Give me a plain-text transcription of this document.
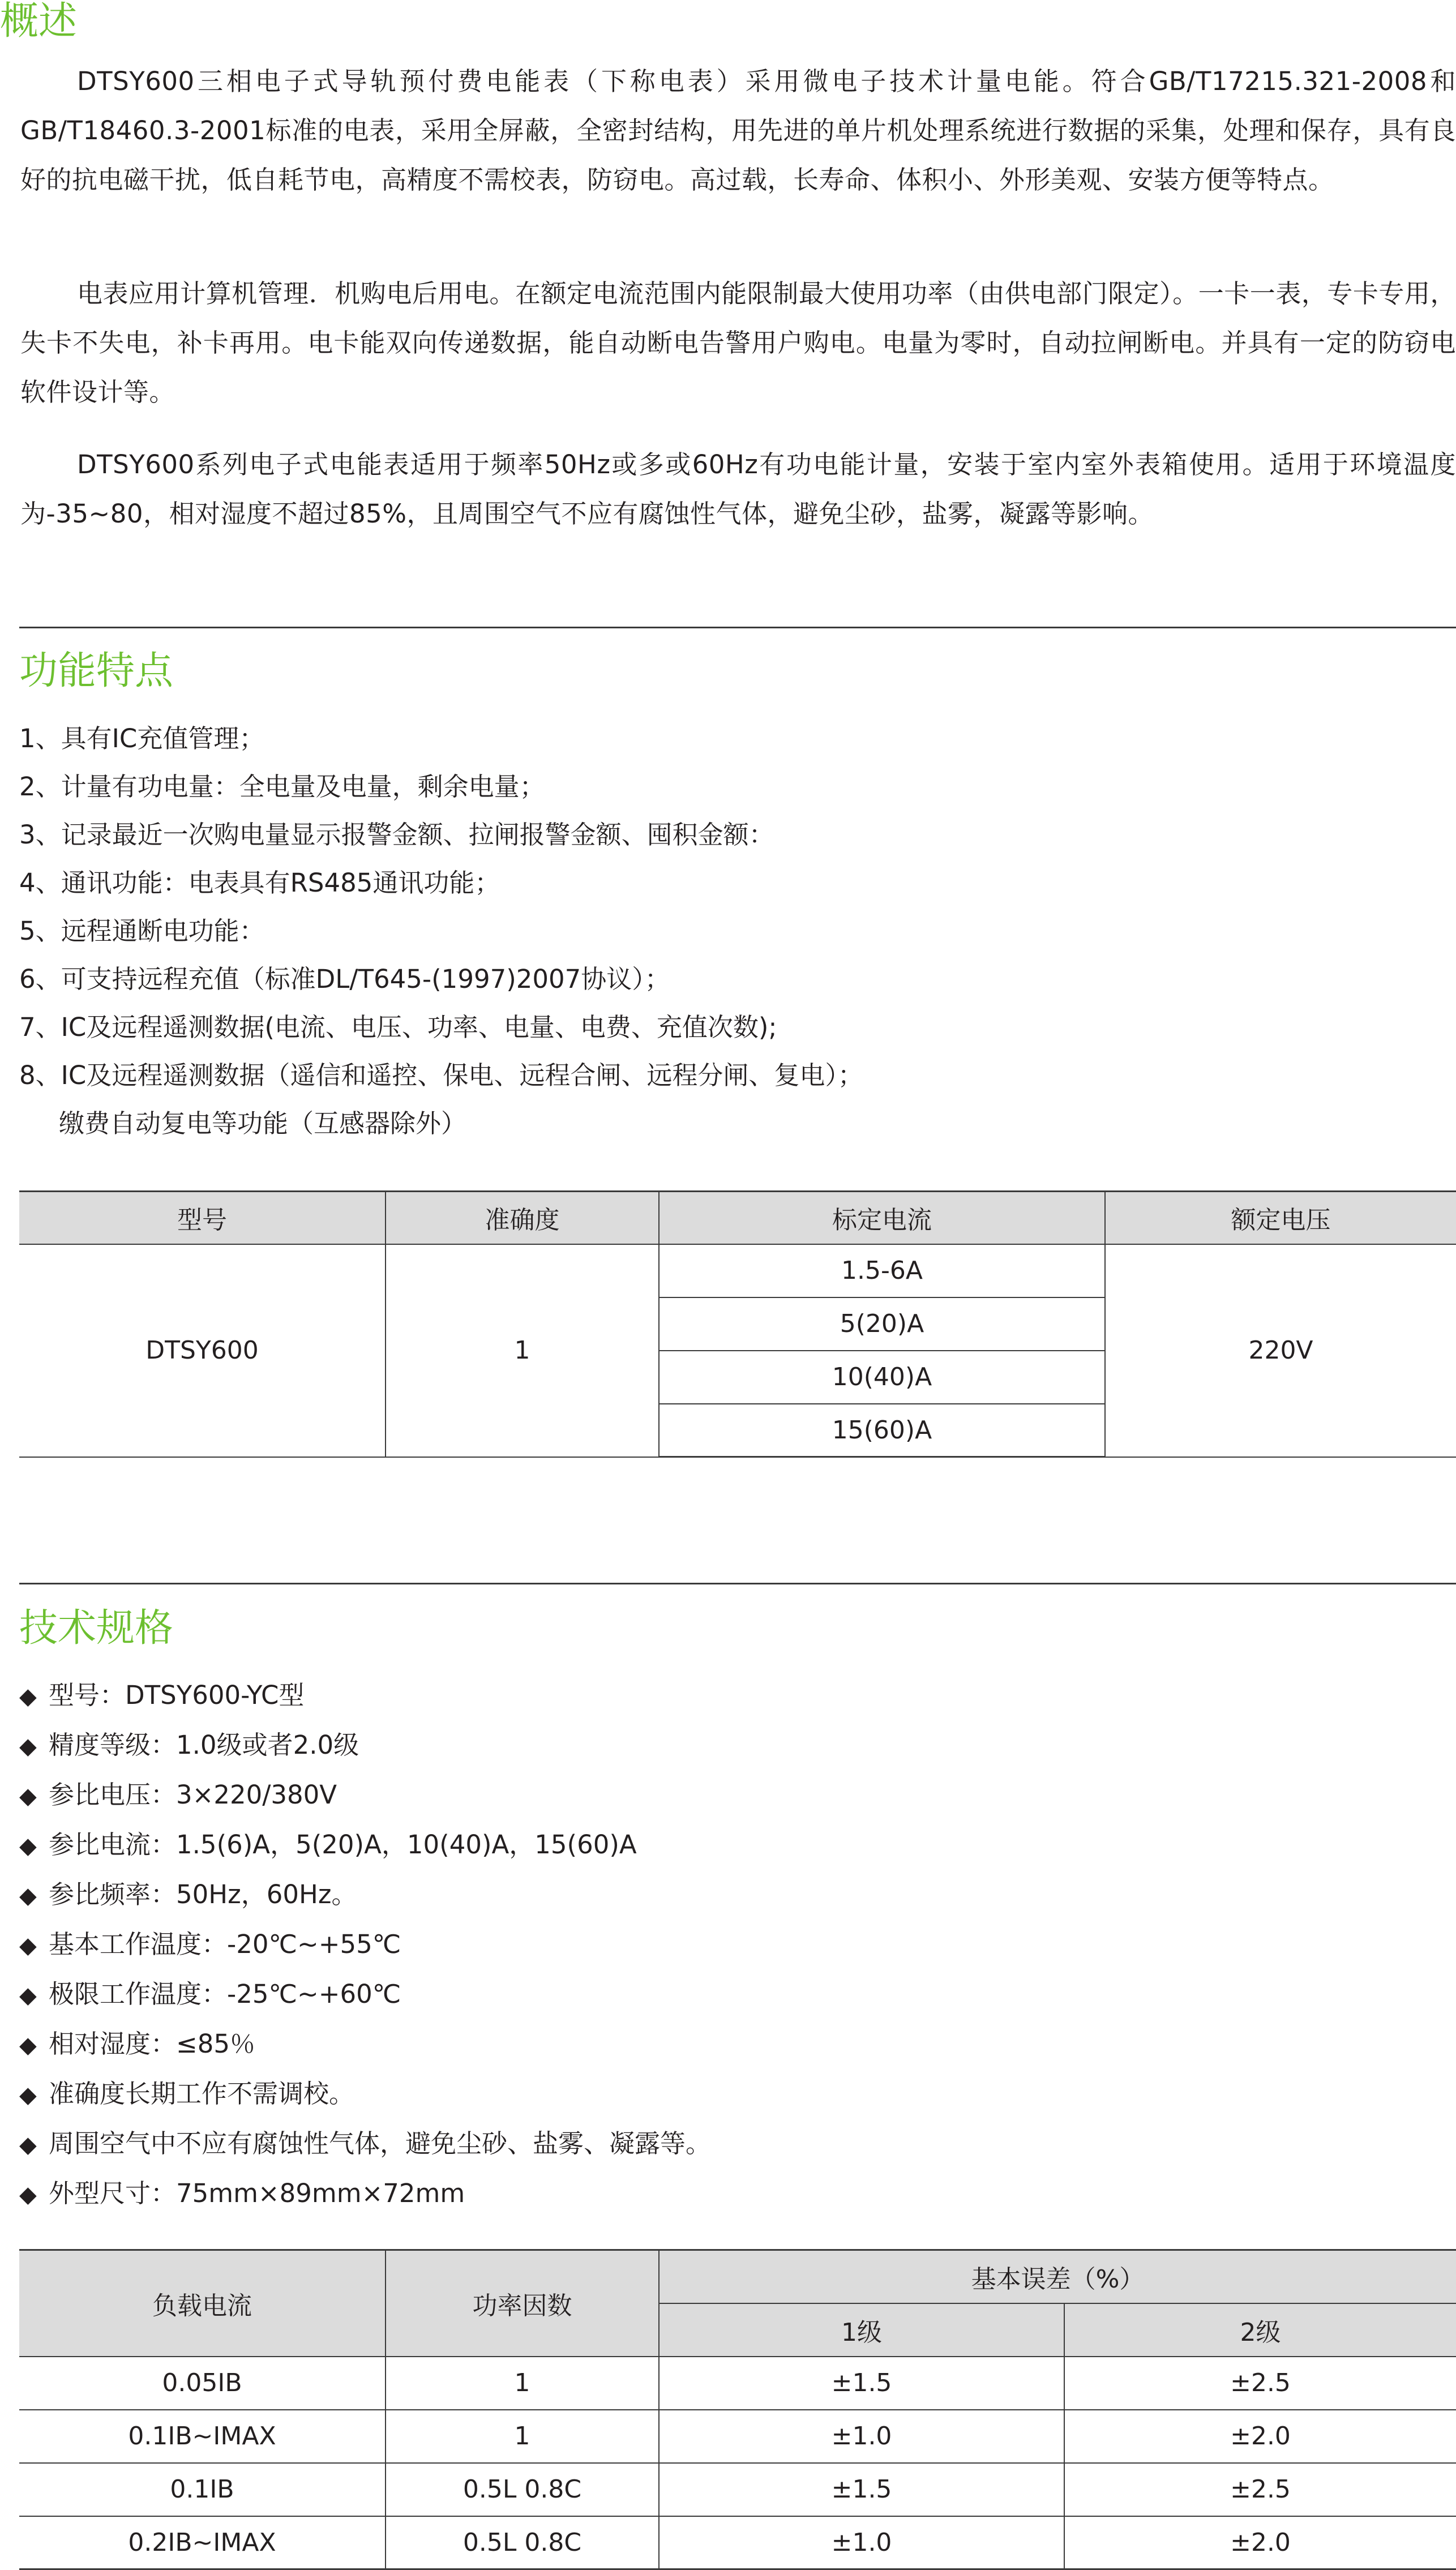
概述

DTSY600三相电子式导轨预付费电能表（下称电表）采用微电子技术计量电能。符合GB/T17215.321-2008和GB/T18460.3-2001标准的电表，采用全屏蔽，全密封结构，用先进的单片机处理系统进行数据的采集，处理和保存，具有良好的抗电磁干扰，低自耗节电，高精度不需校表，防窃电。高过载，长寿命、体积小、外形美观、安装方便等特点。

电表应用计算机管理．机购电后用电。在额定电流范围内能限制最大使用功率（由供电部门限定）。一卡一表，专卡专用，失卡不失电，补卡再用。电卡能双向传递数据，能自动断电告警用户购电。电量为零时，自动拉闸断电。并具有一定的防窃电软件设计等。

DTSY600系列电子式电能表适用于频率50Hz或多或60Hz有功电能计量，安装于室内室外表箱使用。适用于环境温度为-35~80，相对湿度不超过85%，且周围空气不应有腐蚀性气体，避免尘砂，盐雾，凝露等影响。

功能特点
1、具有IC充值管理；
2、计量有功电量：全电量及电量，剩余电量；
3、记录最近一次购电量显示报警金额、拉闸报警金额、囤积金额：
4、通讯功能：电表具有RS485通讯功能；
5、远程通断电功能：
6、可支持远程充值（标准DL/T645-(1997)2007协议）；
7、IC及远程遥测数据(电流、电压、功率、电量、电费、充值次数);
8、IC及远程遥测数据（遥信和遥控、保电、远程合闸、远程分闸、复电）；
缴费自动复电等功能（互感器除外）
型号	准确度	标定电流	额定电压
DTSY600	1	1.5-6A	220V
		5(20)A	
		10(40)A	
		15(60)A	
技术规格
◆ 型号：DTSY600-YC型
◆ 精度等级：1.0级或者2.0级
◆ 参比电压：3×220/380V
◆ 参比电流：1.5(6)A，5(20)A，10(40)A，15(60)A
◆ 参比频率：50Hz，60Hz。
◆ 基本工作温度：-20℃~+55℃
◆ 极限工作温度：-25℃~+60℃
◆ 相对湿度：≤85％
◆ 准确度长期工作不需调校。
◆ 周围空气中不应有腐蚀性气体，避免尘砂、盐雾、凝露等。
◆ 外型尺寸：75mm×89mm×72mm
负载电流	功率因数	基本误差（%）	
		1级	2级
0.05IB	1	±1.5	±2.5
0.1IB~IMAX	1	±1.0	±2.0
0.1IB	0.5L 0.8C	±1.5	±2.5
0.2IB~IMAX	0.5L 0.8C	±1.0	±2.0
